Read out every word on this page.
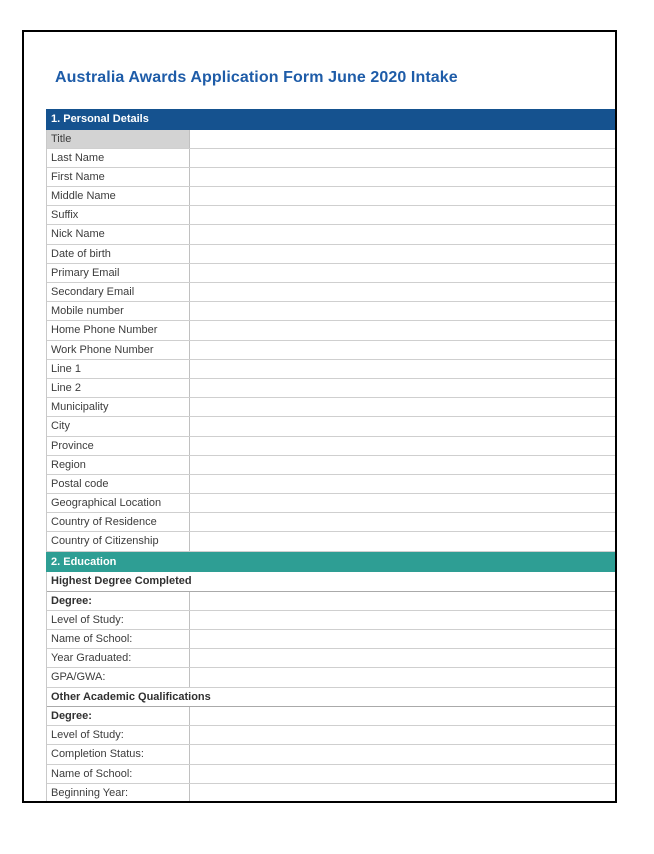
Australia Awards Application Form June 2020 Intake
1. Personal Details
Title
Last Name
First Name
Middle Name
Suffix
Nick Name
Date of birth
Primary Email
Secondary Email
Mobile number
Home Phone Number
Work Phone Number
Line 1
Line 2
Municipality
City
Province
Region
Postal code
Geographical Location
Country of Residence
Country of Citizenship
2. Education
Highest Degree Completed
Degree:
Level of Study:
Name of School:
Year Graduated:
GPA/GWA:
Other Academic Qualifications
Degree:
Level of Study:
Completion Status:
Name of School:
Beginning Year:
